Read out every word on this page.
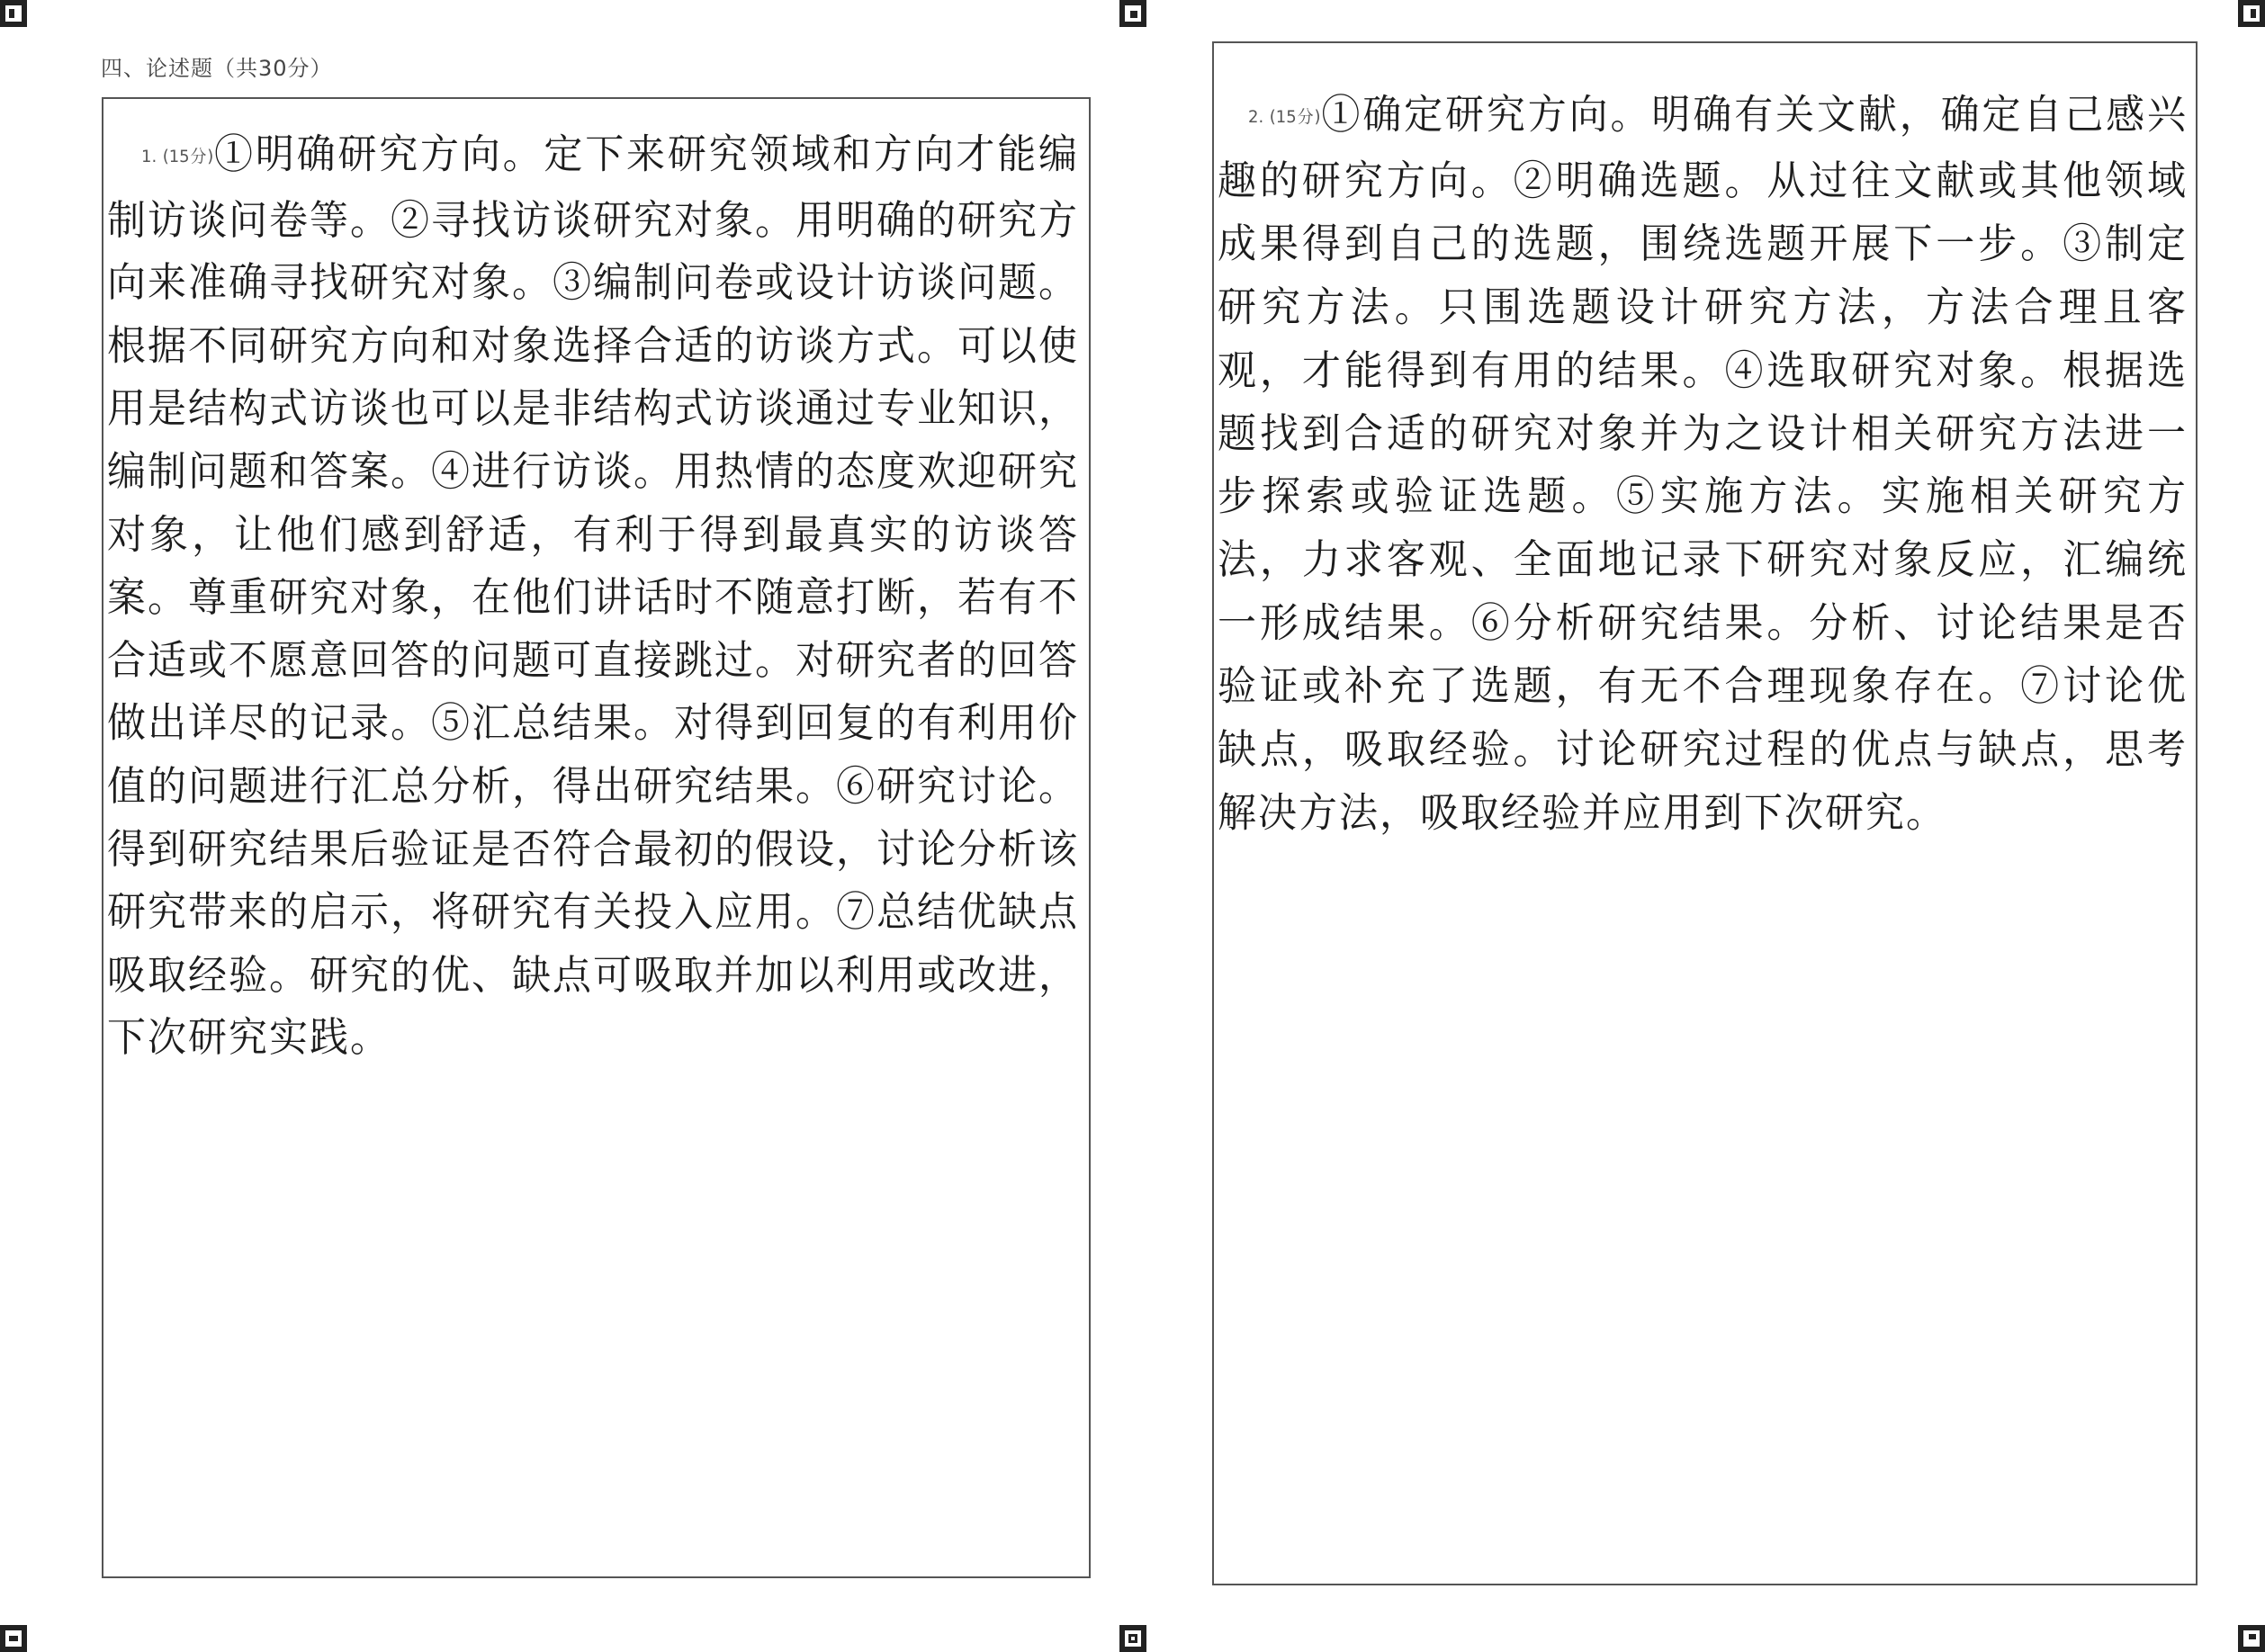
四、论述题（共30分）
1. (15分)①明确研究方向。定下来研究领域和方向才能编制访谈问卷等。②寻找访谈研究对象。用明确的研究方向来准确寻找研究对象。③编制问卷或设计访谈问题。根据不同研究方向和对象选择合适的访谈方式。可以使用是结构式访谈也可以是非结构式访谈通过专业知识，编制问题和答案。④进行访谈。用热情的态度欢迎研究对象，让他们感到舒适，有利于得到最真实的访谈答案。尊重研究对象，在他们讲话时不随意打断，若有不合适或不愿意回答的问题可直接跳过。对研究者的回答做出详尽的记录。⑤汇总结果。对得到回复的有利用价值的问题进行汇总分析，得出研究结果。⑥研究讨论。得到研究结果后验证是否符合最初的假设，讨论分析该研究带来的启示，将研究有关投入应用。⑦总结优缺点吸取经验。研究的优、缺点可吸取并加以利用或改进，下次研究实践。
2. (15分)①确定研究方向。明确有关文献，确定自己感兴趣的研究方向。②明确选题。从过往文献或其他领域成果得到自己的选题，围绕选题开展下一步。③制定研究方法。只围选题设计研究方法，方法合理且客观，才能得到有用的结果。④选取研究对象。根据选题找到合适的研究对象并为之设计相关研究方法进一步探索或验证选题。⑤实施方法。实施相关研究方法，力求客观、全面地记录下研究对象反应，汇编统一形成结果。⑥分析研究结果。分析、讨论结果是否验证或补充了选题，有无不合理现象存在。⑦讨论优缺点，吸取经验。讨论研究过程的优点与缺点，思考解决方法，吸取经验并应用到下次研究。
